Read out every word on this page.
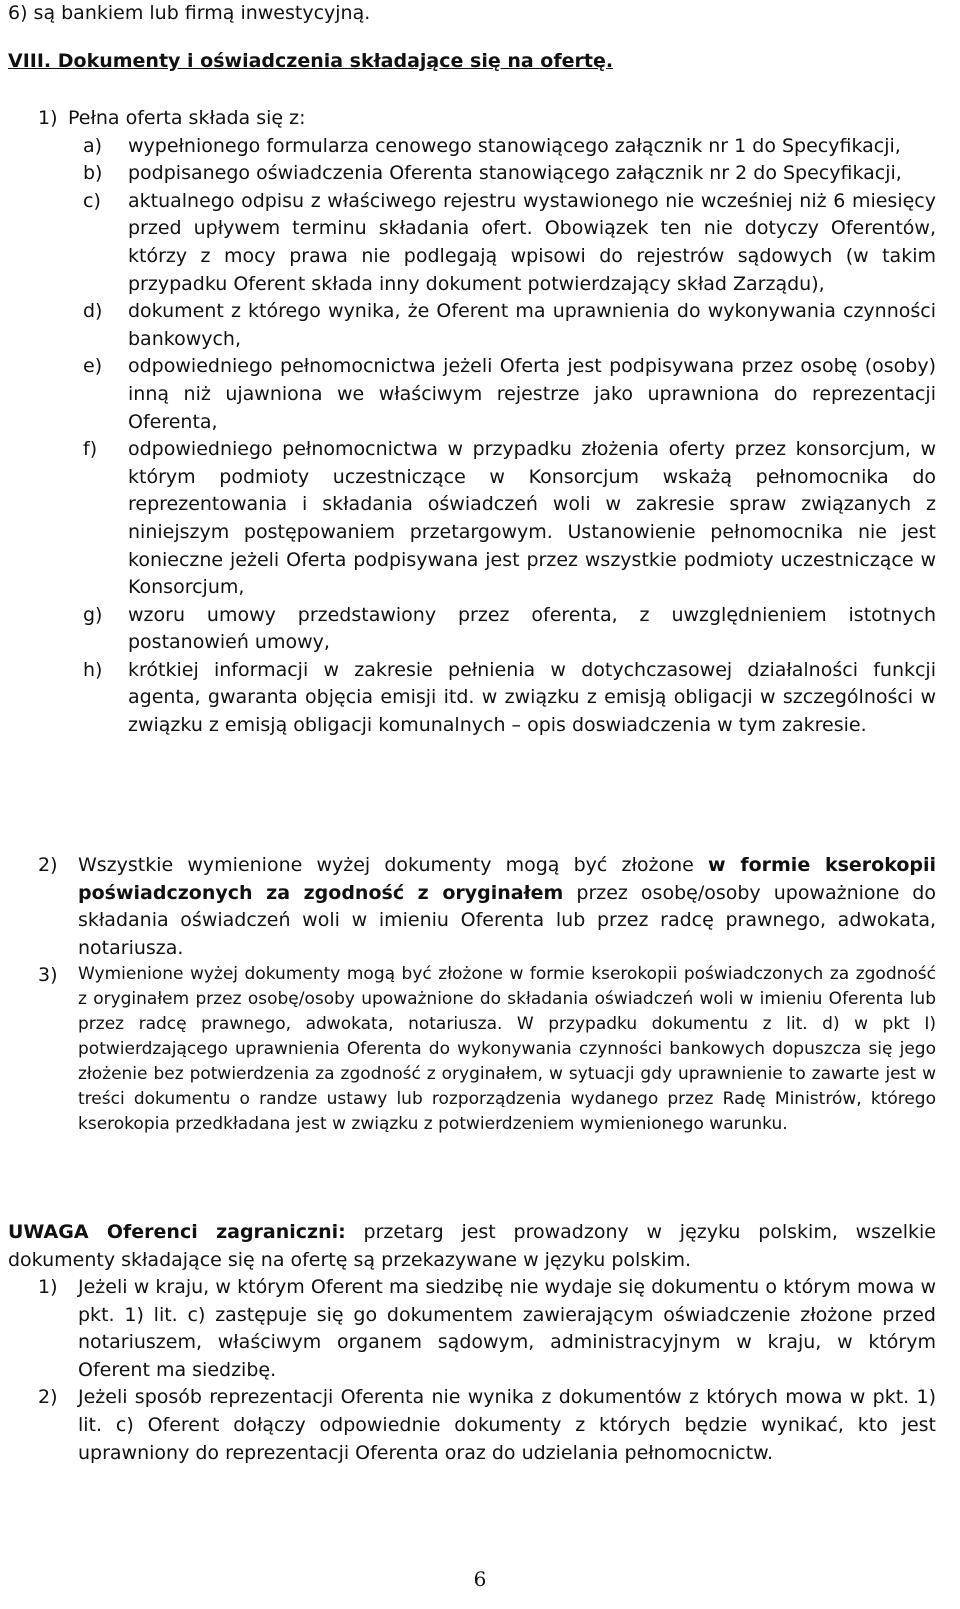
6) są bankiem lub firmą inwestycyjną.

VIII. Dokumenty i oświadczenia składające się na ofertę.

1) Pełna oferta składa się z:
a)	wypełnionego formularza cenowego stanowiącego załącznik nr 1 do Specyfikacji,
b)	podpisanego oświadczenia Oferenta stanowiącego załącznik nr 2 do Specyfikacji,
c)	aktualnego odpisu z właściwego rejestru wystawionego nie wcześniej niż 6 miesięcy przed upływem terminu składania ofert. Obowiązek ten nie dotyczy Oferentów, którzy z mocy prawa nie podlegają wpisowi do rejestrów sądowych (w takim przypadku Oferent składa inny dokument potwierdzający skład Zarządu),
d)	dokument z którego wynika, że Oferent ma uprawnienia do wykonywania czynności bankowych,
e)	odpowiedniego pełnomocnictwa jeżeli Oferta jest podpisywana przez osobę (osoby) inną niż ujawniona we właściwym rejestrze jako uprawniona do reprezentacji Oferenta,
f)	odpowiedniego pełnomocnictwa w przypadku złożenia oferty przez konsorcjum, w którym podmioty uczestniczące w Konsorcjum wskażą pełnomocnika do reprezentowania i składania oświadczeń woli w zakresie spraw związanych z niniejszym postępowaniem przetargowym. Ustanowienie pełnomocnika nie jest konieczne jeżeli Oferta podpisywana jest przez wszystkie podmioty uczestniczące w Konsorcjum,
g)	wzoru umowy przedstawiony przez oferenta, z uwzględnieniem istotnych postanowień umowy,
h)	krótkiej informacji w zakresie pełnienia w dotychczasowej działalności funkcji agenta, gwaranta objęcia emisji itd. w związku z emisją obligacji w szczególności w związku z emisją obligacji komunalnych – opis doswiadczenia w tym zakresie.
2)	Wszystkie wymienione wyżej dokumenty mogą być złożone w formie kserokopii poświadczonych za zgodność z oryginałem przez osobę/osoby upoważnione do składania oświadczeń woli w imieniu Oferenta lub przez radcę prawnego, adwokata, notariusza.
3)	Wymienione wyżej dokumenty mogą być złożone w formie kserokopii poświadczonych za zgodność z oryginałem przez osobę/osoby upoważnione do składania oświadczeń woli w imieniu Oferenta lub przez radcę prawnego, adwokata, notariusza. W przypadku dokumentu z lit. d) w pkt I) potwierdzającego uprawnienia Oferenta do wykonywania czynności bankowych dopuszcza się jego złożenie bez potwierdzenia za zgodność z oryginałem, w sytuacji gdy uprawnienie to zawarte jest w treści dokumentu o randze ustawy lub rozporządzenia wydanego przez Radę Ministrów, którego kserokopia przedkładana jest w związku z potwierdzeniem wymienionego warunku.

UWAGA Oferenci zagraniczni: przetarg jest prowadzony w języku polskim, wszelkie dokumenty składające się na ofertę są przekazywane w języku polskim.

1)	Jeżeli w kraju, w którym Oferent ma siedzibę nie wydaje się dokumentu o którym mowa w pkt. 1) lit. c) zastępuje się go dokumentem zawierającym oświadczenie złożone przed notariuszem, właściwym organem sądowym, administracyjnym w kraju, w którym Oferent ma siedzibę.
2)	Jeżeli sposób reprezentacji Oferenta nie wynika z dokumentów z których mowa w pkt. 1) lit. c) Oferent dołączy odpowiednie dokumenty z których będzie wynikać, kto jest uprawniony do reprezentacji Oferenta oraz do udzielania pełnomocnictw.
6
